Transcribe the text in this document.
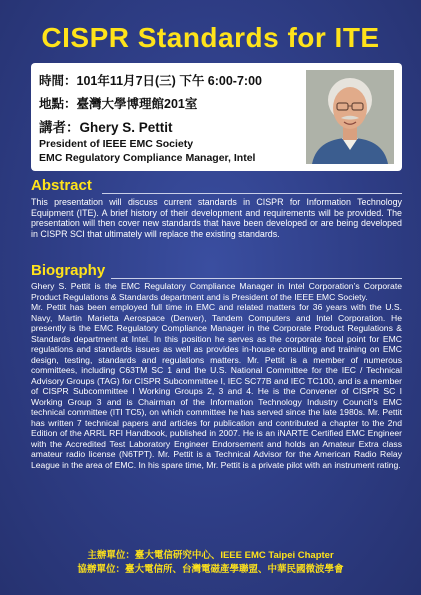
CISPR Standards for ITE
時間：101年11月7日(三) 下午 6:00-7:00
地點：臺灣大學博理館201室
講者：Ghery S. Pettit
President of IEEE EMC Society
EMC Regulatory Compliance Manager, Intel
Abstract
This presentation will discuss current standards in CISPR for Information Technology Equipment (ITE). A brief history of their development and requirements will be provided. The presentation will then cover new standards that have been developed or are being developed in CISPR SCI that ultimately will replace the existing standards.
Biography

Ghery S. Pettit is the EMC Regulatory Compliance Manager in Intel Corporation’s Corporate Product Regulations & Standards department and is President of the IEEE EMC Society.

Mr. Pettit has been employed full time in EMC and related matters for 36 years with the U.S. Navy, Martin Marietta Aerospace (Denver), Tandem Computers and Intel Corporation. He presently is the EMC Regulatory Compliance Manager in the Corporate Product Regulations & Standards department at Intel. In this position he serves as the corporate focal point for EMC regulations and standards issues as well as provides in-house consulting and training on EMC design, testing, standards and regulations matters. Mr. Pettit is a member of numerous committees, including C63TM SC 1 and the U.S. National Committee for the IEC / Technical Advisory Groups (TAG) for CISPR Subcommittee I, IEC SC77B and IEC TC100, and is a member of CISPR Subcommittee I Working Groups 2, 3 and 4. He is the Convener of CISPR SC I Working Group 3 and is Chairman of the Information Technology Industry Council’s EMC technical committee (ITI TC5), on which committee he has served since the late 1980s. Mr. Pettit has written 7 technical papers and articles for publication and contributed a chapter to the 2nd Edition of the ARRL RFI Handbook, published in 2007. He is an iNARTE Certified EMC Engineer with the Accredited Test Laboratory Engineer Endorsement and holds an Amateur Extra class amateur radio license (N6TPT). Mr. Pettit is a Technical Advisor for the American Radio Relay League in the area of EMC. In his spare time, Mr. Pettit is a private pilot with an instrument rating.

主辦單位：臺大電信研究中心、IEEE EMC Taipei Chapter
協辦單位：臺大電信所、台灣電磁產學聯盟、中華民國微波學會
